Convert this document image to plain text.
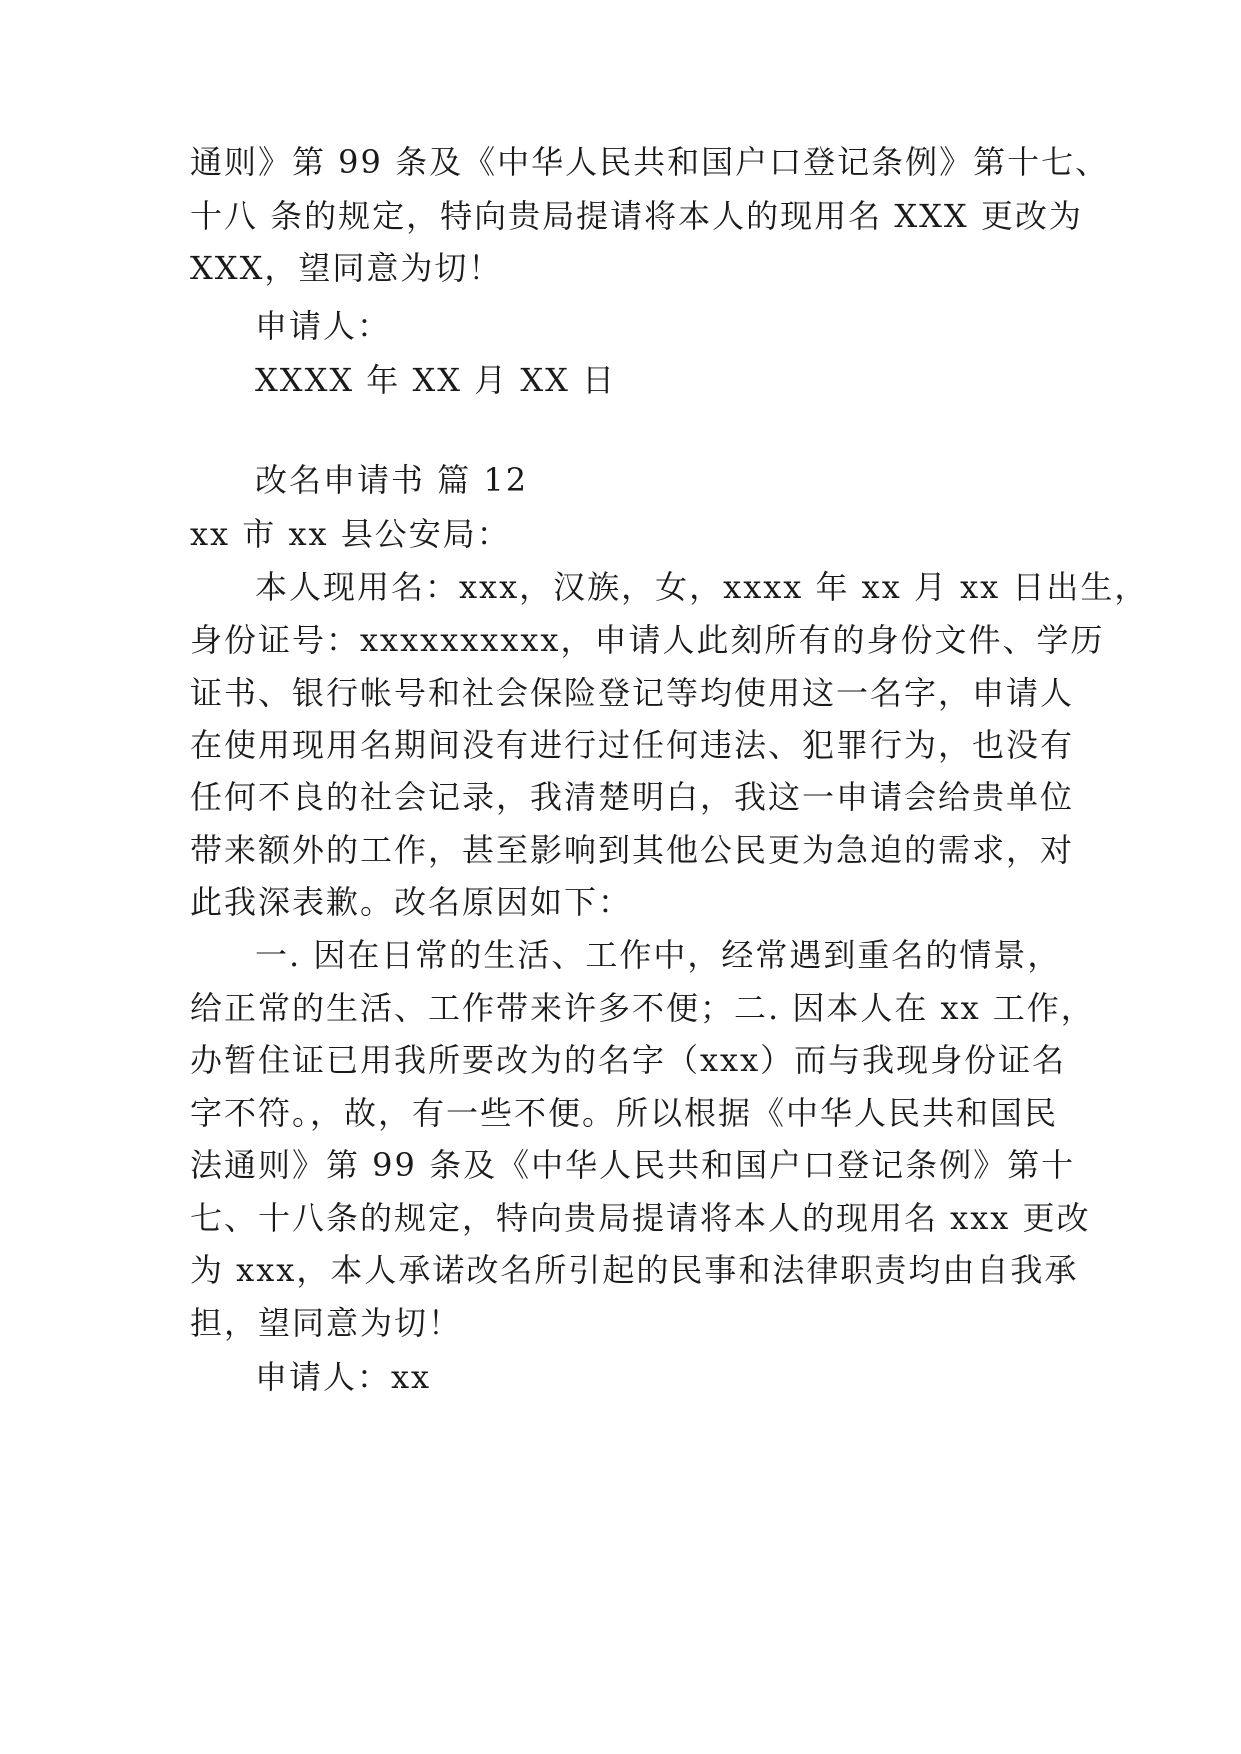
通则》第 99 条及《中华人民共和国户口登记条例》第十七、
十八 条的规定，特向贵局提请将本人的现用名 XXX 更改为
XXX，望同意为切！
申请人：
XXXX 年 XX 月 XX 日
改名申请书 篇 12
xx 市 xx 县公安局：
本人现用名：xxx，汉族，女，xxxx 年 xx 月 xx 日出生，
身份证号：xxxxxxxxxx，申请人此刻所有的身份文件、学历
证书、银行帐号和社会保险登记等均使用这一名字，申请人
在使用现用名期间没有进行过任何违法、犯罪行为，也没有
任何不良的社会记录，我清楚明白，我这一申请会给贵单位
带来额外的工作，甚至影响到其他公民更为急迫的需求，对
此我深表歉。改名原因如下：
一. 因在日常的生活、工作中，经常遇到重名的情景，
给正常的生活、工作带来许多不便；二. 因本人在 xx 工作，
办暂住证已用我所要改为的名字（xxx）而与我现身份证名
字不符。，故，有一些不便。所以根据《中华人民共和国民
法通则》第 99 条及《中华人民共和国户口登记条例》第十
七、十八条的规定，特向贵局提请将本人的现用名 xxx 更改
为 xxx，本人承诺改名所引起的民事和法律职责均由自我承
担，望同意为切！
申请人：xx
